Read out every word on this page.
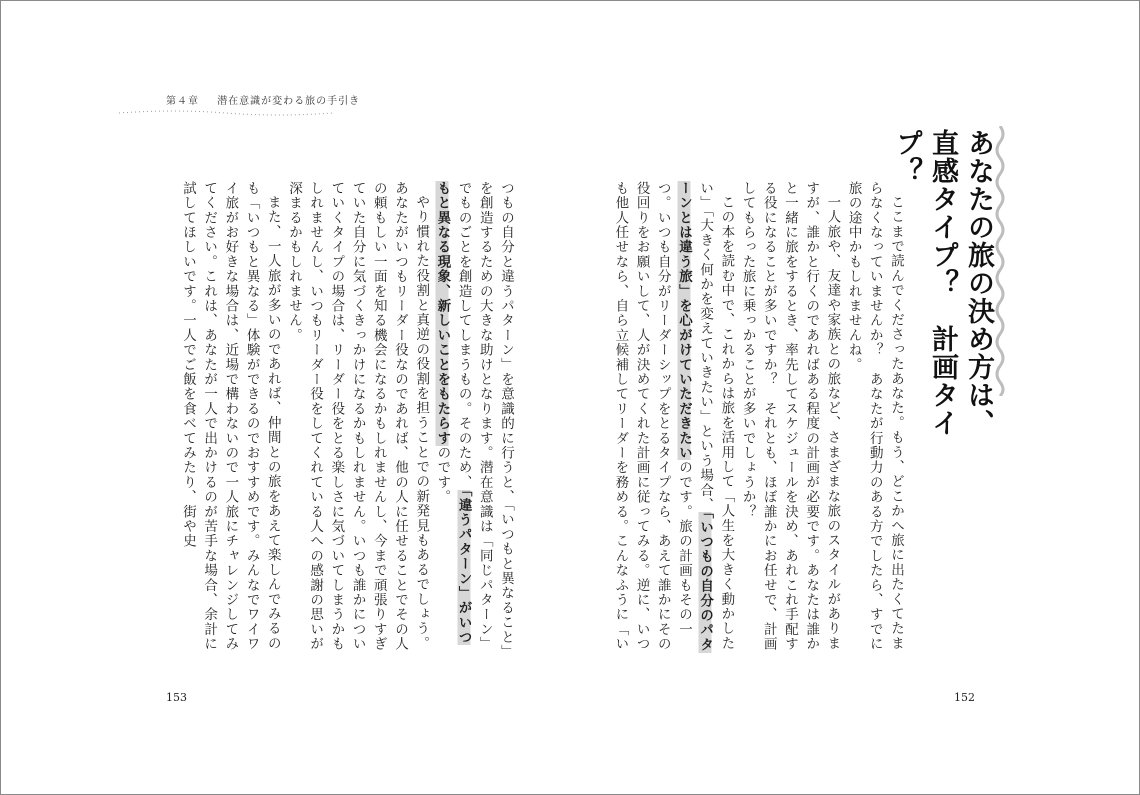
第４章 潜在意識が変わる旅の手引き

つもの自分と違うパターン」を意識的に行うと、「いつもと異なること」を創造するための大きな助けとなります。潜在意識は「同じパターン」でものごとを創造してしまうもの。そのため、「違うパターン」がいつもと異なる現象、新しいことをもたらすのです。

やり慣れた役割と真逆の役割を担うことでの新発見もあるでしょう。あなたがいつもリーダー役なのであれば、他の人に任せることでその人の頼もしい一面を知る機会になるかもしれませんし、今まで頑張りすぎていた自分に気づくきっかけになるかもしれません。いつも誰かについていくタイプの場合は、リーダー役をとる楽しさに気づいてしまうかもしれませんし、いつもリーダー役をしてくれている人への感謝の思いが深まるかもしれません。

また、一人旅が多いのであれば、仲間との旅をあえて楽しんでみるのも「いつもと異なる」体験ができるのでおすすめです。みんなでワイワイ旅がお好きな場合は、近場で構わないので一人旅にチャレンジしてみてください。これは、あなたが一人で出かけるのが苦手な場合、余計に試してほしいです。一人でご飯を食べてみたり、街や史	ここまで読んでくださったあなた。もう、どこかへ旅に出たくてたまらなくなっていませんか？　あなたが行動力のある方でしたら、すでに旅の途中かもしれませんね。

一人旅や、友達や家族との旅など、さまざまな旅のスタイルがありますが、誰かと行くのであればある程度の計画が必要です。あなたは誰かと一緒に旅をするとき、率先してスケジュールを決め、あれこれ手配する役になることが多いですか？　それとも、ほぼ誰かにお任せで、計画してもらった旅に乗っかることが多いでしょうか？

この本を読む中で、これからは旅を活用して「人生を大きく動かしたい」「大きく何かを変えていきたい」という場合、「いつもの自分のパターンとは違う旅」を心がけていただきたいのです。旅の計画もその一つ。いつも自分がリーダーシップをとるタイプなら、あえて誰かにその役回りをお願いして、人が決めてくれた計画に従ってみる。逆に、いつも他人任せなら、自ら立候補してリーダーを務める。こんなふうに「い	あなたの旅の決め方は、
直感タイプ？　計画タイプ？
153	152
